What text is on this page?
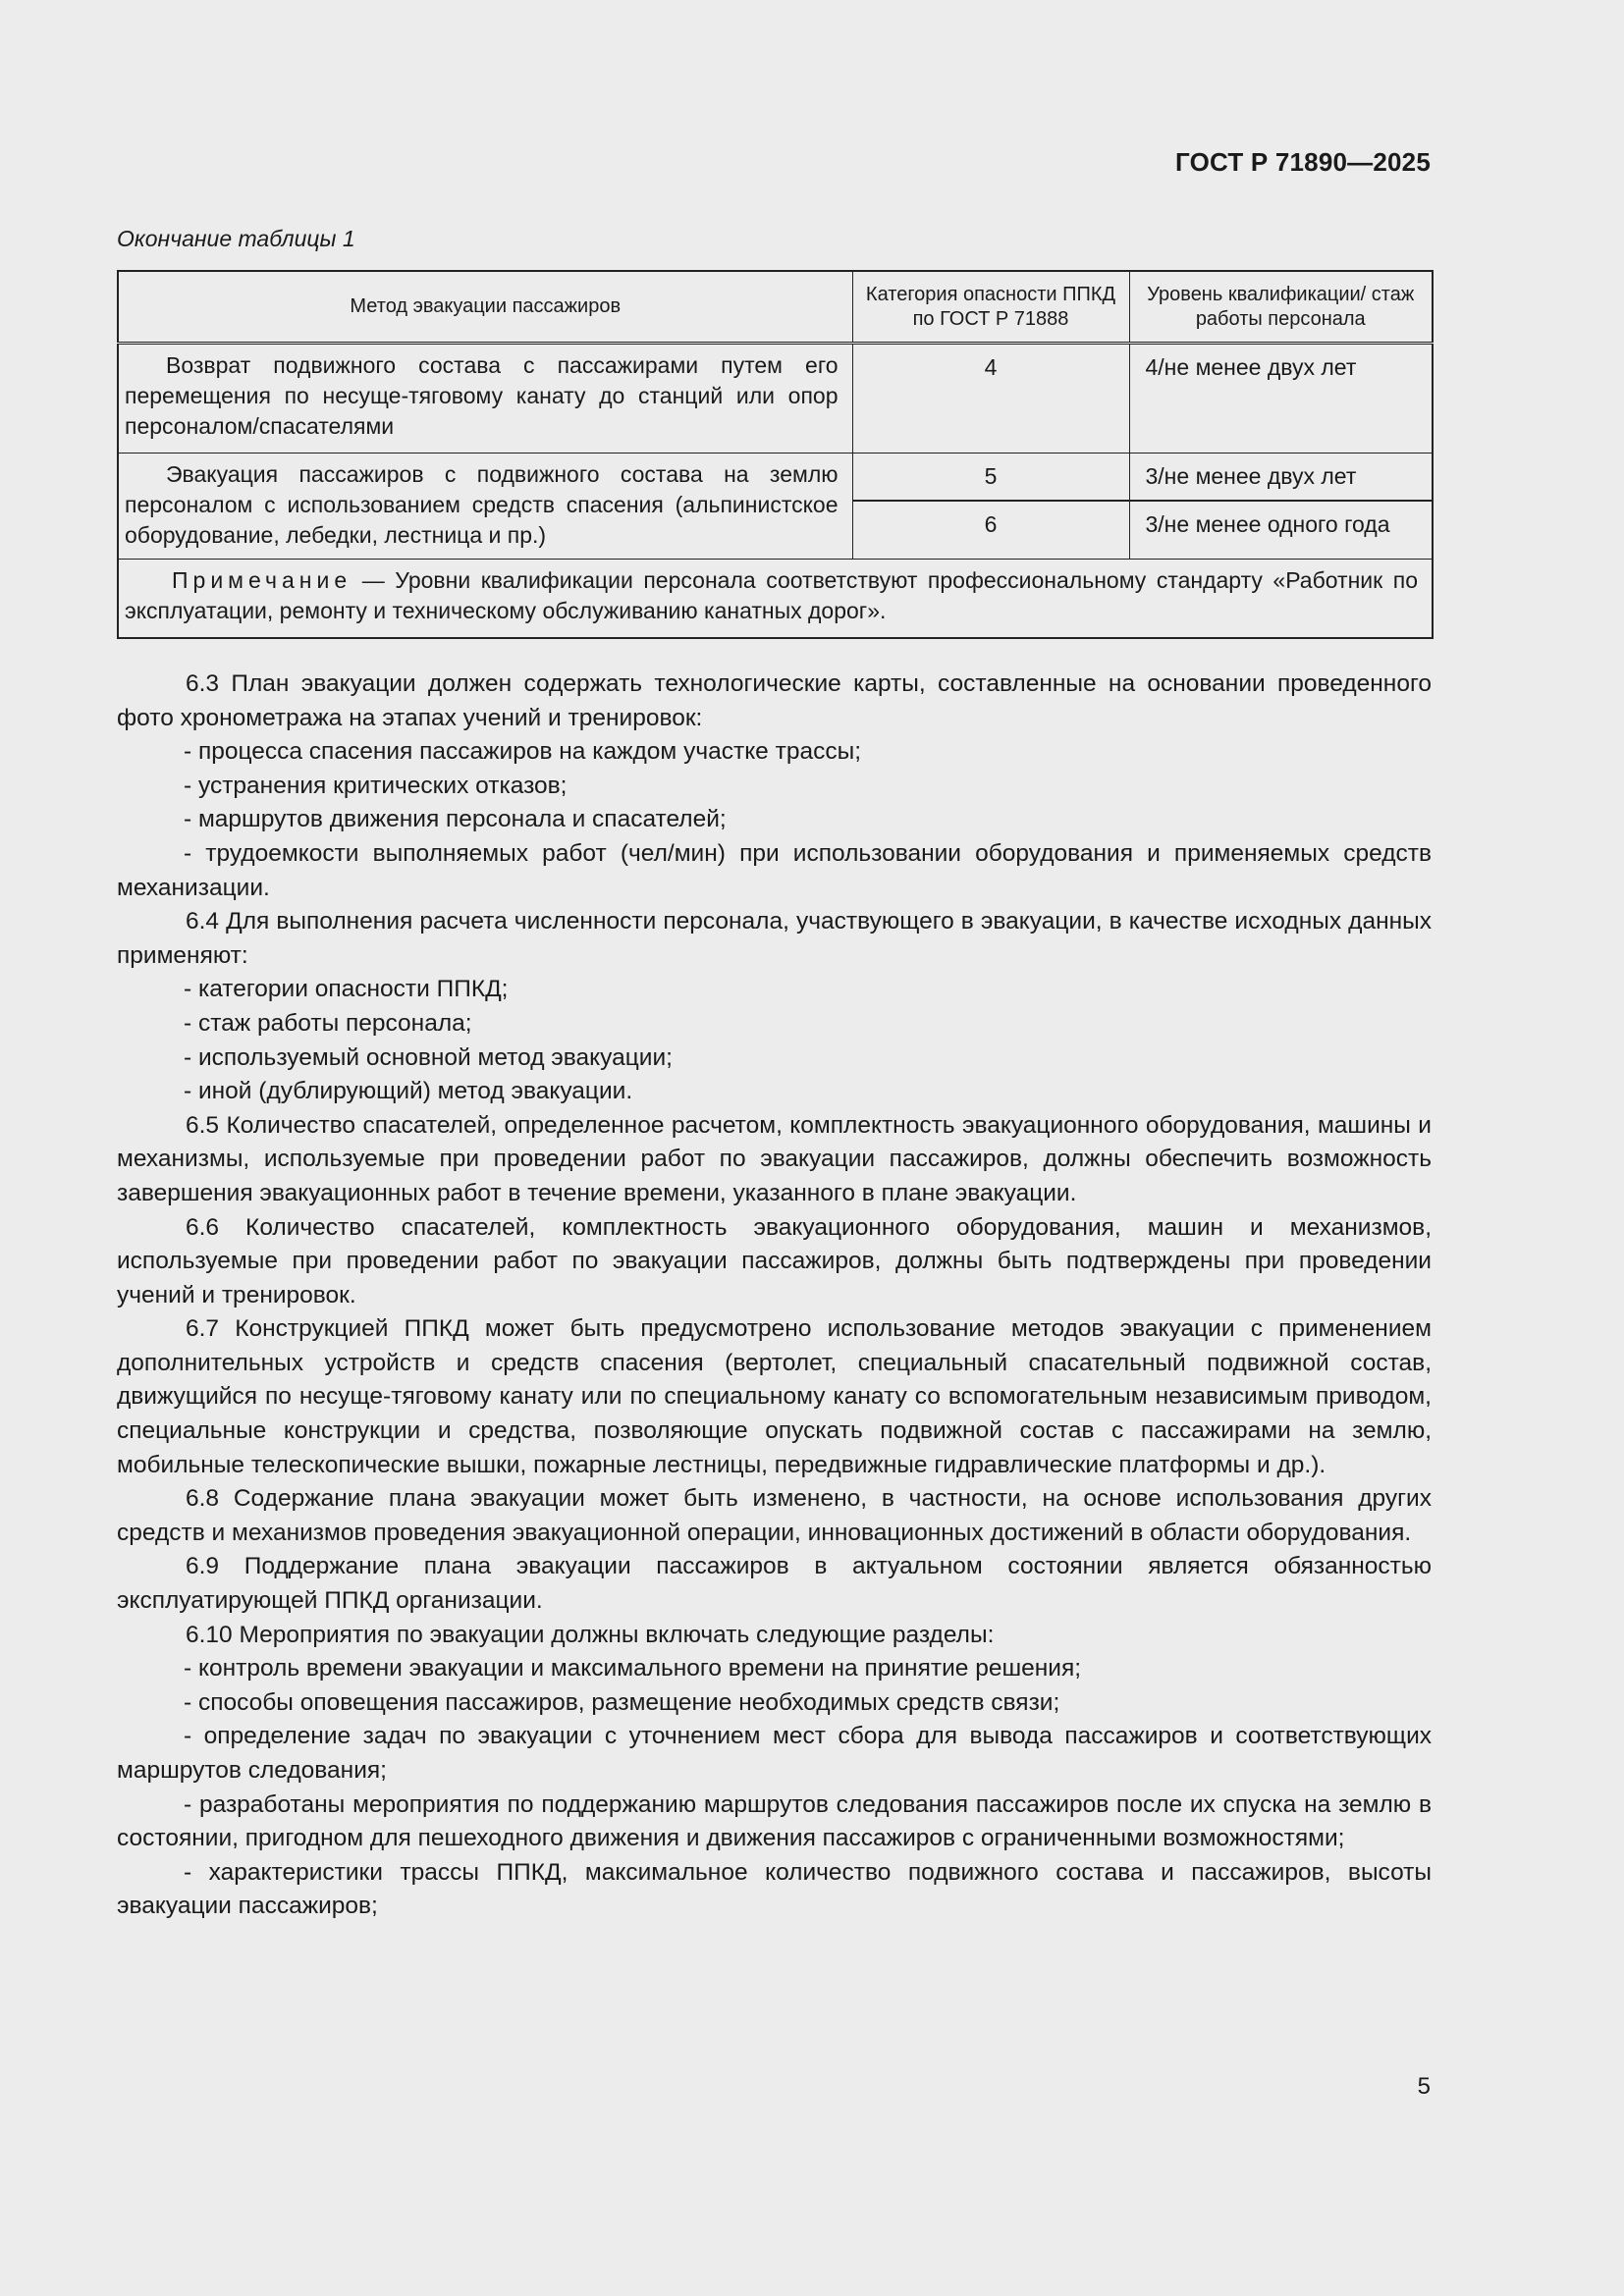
ГОСТ Р 71890—2025
Окончание таблицы 1
Метод эвакуации пассажиров	Категория опасности ППКД по ГОСТ Р 71888	Уровень квалификации/ стаж работы персонала
Возврат подвижного состава с пассажирами путем его перемещения по несуще-тяговому канату до станций или опор персоналом/спасателями	4	4/не менее двух лет
Эвакуация пассажиров с подвижного состава на землю персоналом с использованием средств спасения (альпинистское оборудование, лебедки, лестница и пр.)	5	3/не менее двух лет
	6	3/не менее одного года
Примечание — Уровни квалификации персонала соответствуют профессиональному стандарту «Работник по эксплуатации, ремонту и техническому обслуживанию канатных дорог».		

6.3 План эвакуации должен содержать технологические карты, составленные на основании проведенного фото хронометража на этапах учений и тренировок:

- процесса спасения пассажиров на каждом участке трассы;

- устранения критических отказов;

- маршрутов движения персонала и спасателей;

- трудоемкости выполняемых работ (чел/мин) при использовании оборудования и применяемых средств механизации.

6.4 Для выполнения расчета численности персонала, участвующего в эвакуации, в качестве исходных данных применяют:

- категории опасности ППКД;

- стаж работы персонала;

- используемый основной метод эвакуации;

- иной (дублирующий) метод эвакуации.

6.5 Количество спасателей, определенное расчетом, комплектность эвакуационного оборудования, машины и механизмы, используемые при проведении работ по эвакуации пассажиров, должны обеспечить возможность завершения эвакуационных работ в течение времени, указанного в плане эвакуации.

6.6 Количество спасателей, комплектность эвакуационного оборудования, машин и механизмов, используемые при проведении работ по эвакуации пассажиров, должны быть подтверждены при проведении учений и тренировок.

6.7 Конструкцией ППКД может быть предусмотрено использование методов эвакуации с применением дополнительных устройств и средств спасения (вертолет, специальный спасательный подвижной состав, движущийся по несуще-тяговому канату или по специальному канату со вспомогательным независимым приводом, специальные конструкции и средства, позволяющие опускать подвижной состав с пассажирами на землю, мобильные телескопические вышки, пожарные лестницы, передвижные гидравлические платформы и др.).

6.8 Содержание плана эвакуации может быть изменено, в частности, на основе использования других средств и механизмов проведения эвакуационной операции, инновационных достижений в области оборудования.

6.9 Поддержание плана эвакуации пассажиров в актуальном состоянии является обязанностью эксплуатирующей ППКД организации.

6.10 Мероприятия по эвакуации должны включать следующие разделы:

- контроль времени эвакуации и максимального времени на принятие решения;

- способы оповещения пассажиров, размещение необходимых средств связи;

- определение задач по эвакуации с уточнением мест сбора для вывода пассажиров и соответствующих маршрутов следования;

- разработаны мероприятия по поддержанию маршрутов следования пассажиров после их спуска на землю в состоянии, пригодном для пешеходного движения и движения пассажиров с ограниченными возможностями;

- характеристики трассы ППКД, максимальное количество подвижного состава и пассажиров, высоты эвакуации пассажиров;

5
